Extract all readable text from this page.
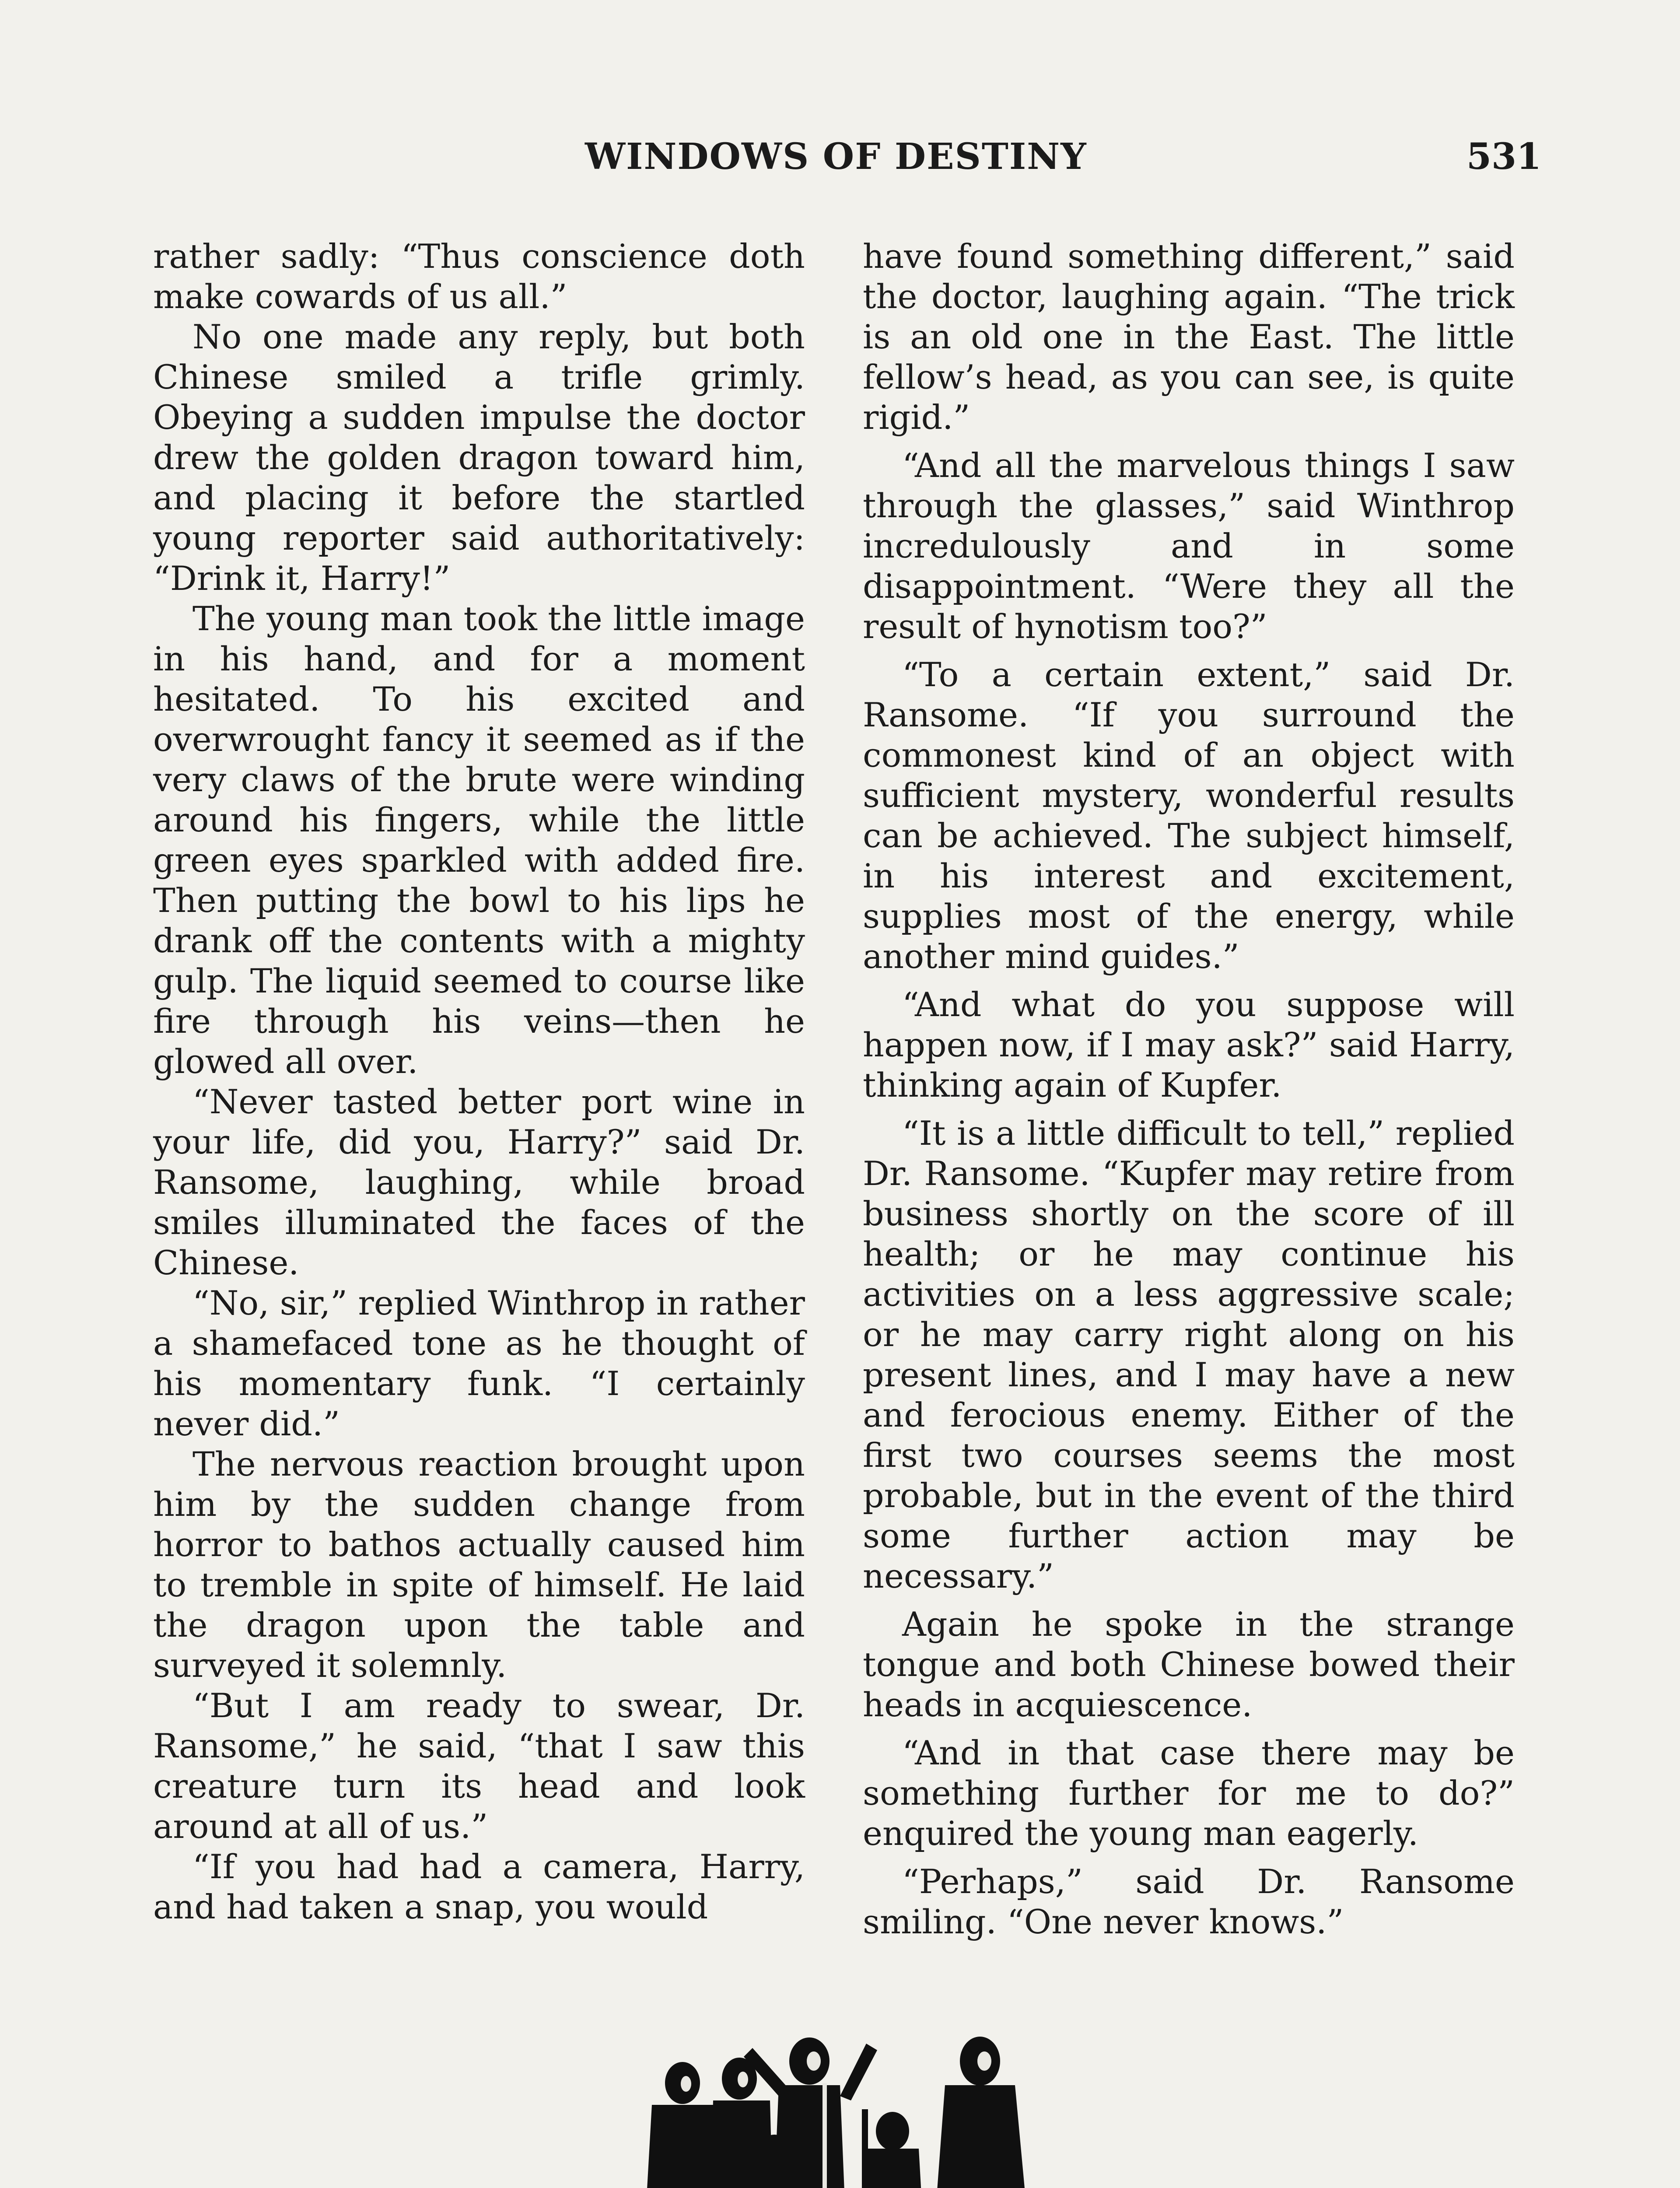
WINDOWS OF DESTINY	531

rather sadly: “Thus conscience doth make cowards of us all.”

No one made any reply, but both Chinese smiled a trifle grimly. Obeying a sudden impulse the doctor drew the golden dragon toward him, and placing it before the startled young reporter said authoritatively: “Drink it, Harry!”

The young man took the little image in his hand, and for a moment hesitated. To his excited and overwrought fancy it seemed as if the very claws of the brute were winding around his fingers, while the little green eyes sparkled with added fire. Then putting the bowl to his lips he drank off the contents with a mighty gulp. The liquid seemed to course like fire through his veins—then he glowed all over.

“Never tasted better port wine in your life, did you, Harry?” said Dr. Ransome, laughing, while broad smiles illuminated the faces of the Chinese.

“No, sir,” replied Winthrop in rather a shamefaced tone as he thought of his momentary funk. “I certainly never did.”

The nervous reaction brought upon him by the sudden change from horror to bathos actually caused him to tremble in spite of himself. He laid the dragon upon the table and surveyed it solemnly.

“But I am ready to swear, Dr. Ransome,” he said, “that I saw this creature turn its head and look around at all of us.”

“If you had had a camera, Harry, and had taken a snap, you would

have found something different,” said the doctor, laughing again. “The trick is an old one in the East. The little fellow’s head, as you can see, is quite rigid.”

“And all the marvelous things I saw through the glasses,” said Winthrop incredulously and in some disappointment. “Were they all the result of hynotism too?”

“To a certain extent,” said Dr. Ransome. “If you surround the commonest kind of an object with sufficient mystery, wonderful results can be achieved. The subject himself, in his interest and excitement, supplies most of the energy, while another mind guides.”

“And what do you suppose will happen now, if I may ask?” said Harry, thinking again of Kupfer.

“It is a little difficult to tell,” replied Dr. Ransome. “Kupfer may retire from business shortly on the score of ill health; or he may continue his activities on a less aggressive scale; or he may carry right along on his present lines, and I may have a new and ferocious enemy. Either of the first two courses seems the most probable, but in the event of the third some further action may be necessary.”

Again he spoke in the strange tongue and both Chinese bowed their heads in acquiescence.

“And in that case there may be something further for me to do?” enquired the young man eagerly.

“Perhaps,” said Dr. Ransome smiling. “One never knows.”
